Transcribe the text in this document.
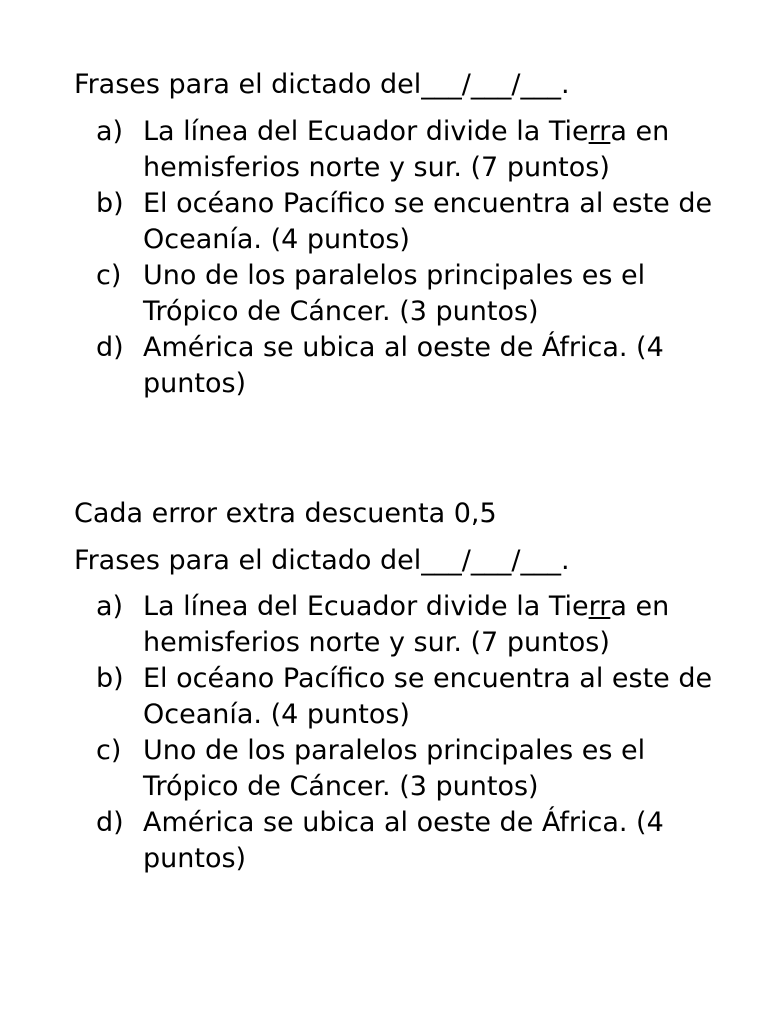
Frases para el dictado del___/___/___.
a) La línea del Ecuador divide la Tierra en hemisferios norte y sur. (7 puntos)
b) El océano Pacífico se encuentra al este de Oceanía. (4 puntos)
c) Uno de los paralelos principales es el Trópico de Cáncer. (3 puntos)
d) América se ubica al oeste de África. (4 puntos)
Cada error extra descuenta 0,5
Frases para el dictado del___/___/___.
a) La línea del Ecuador divide la Tierra en hemisferios norte y sur. (7 puntos)
b) El océano Pacífico se encuentra al este de Oceanía. (4 puntos)
c) Uno de los paralelos principales es el Trópico de Cáncer. (3 puntos)
d) América se ubica al oeste de África. (4 puntos)
